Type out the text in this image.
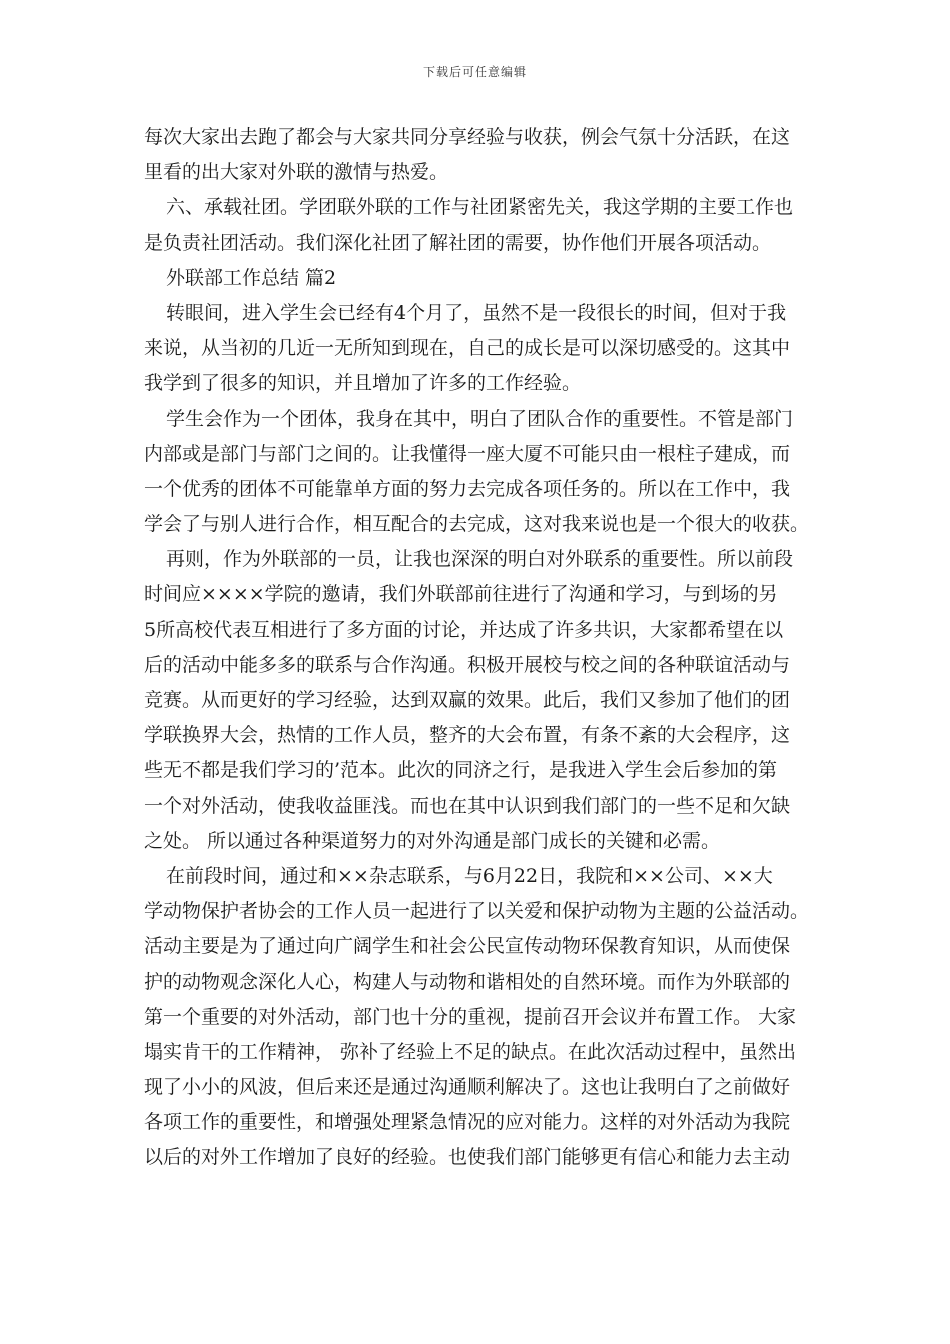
下载后可任意编辑
每次大家出去跑了都会与大家共同分享经验与收获，例会气氛十分活跃，在这
里看的出大家对外联的激情与热爱。
六、承载社团。学团联外联的工作与社团紧密先关，我这学期的主要工作也
是负责社团活动。我们深化社团了解社团的需要，协作他们开展各项活动。
外联部工作总结 篇2
转眼间，进入学生会已经有4个月了，虽然不是一段很长的时间，但对于我
来说，从当初的几近一无所知到现在，自己的成长是可以深切感受的。这其中
我学到了很多的知识，并且增加了许多的工作经验。
学生会作为一个团体，我身在其中，明白了团队合作的重要性。不管是部门
内部或是部门与部门之间的。让我懂得一座大厦不可能只由一根柱子建成，而
一个优秀的团体不可能靠单方面的努力去完成各项任务的。所以在工作中，我
学会了与别人进行合作，相互配合的去完成，这对我来说也是一个很大的收获。
再则，作为外联部的一员，让我也深深的明白对外联系的重要性。所以前段
时间应××××学院的邀请，我们外联部前往进行了沟通和学习，与到场的另
5所高校代表互相进行了多方面的讨论，并达成了许多共识，大家都希望在以
后的活动中能多多的联系与合作沟通。积极开展校与校之间的各种联谊活动与
竞赛。从而更好的学习经验，达到双赢的效果。此后，我们又参加了他们的团
学联换界大会，热情的工作人员，整齐的大会布置，有条不紊的大会程序，这
些无不都是我们学习的’范本。此次的同济之行，是我进入学生会后参加的第
一个对外活动，使我收益匪浅。而也在其中认识到我们部门的一些不足和欠缺
之处。 所以通过各种渠道努力的对外沟通是部门成长的关键和必需。
在前段时间，通过和××杂志联系，与6月22日，我院和××公司、××大
学动物保护者协会的工作人员一起进行了以关爱和保护动物为主题的公益活动。
活动主要是为了通过向广阔学生和社会公民宣传动物环保教育知识，从而使保
护的动物观念深化人心，构建人与动物和谐相处的自然环境。而作为外联部的
第一个重要的对外活动，部门也十分的重视，提前召开会议并布置工作。 大家
塌实肯干的工作精神， 弥补了经验上不足的缺点。在此次活动过程中，虽然出
现了小小的风波，但后来还是通过沟通顺利解决了。这也让我明白了之前做好
各项工作的重要性，和增强处理紧急情况的应对能力。这样的对外活动为我院
以后的对外工作增加了良好的经验。也使我们部门能够更有信心和能力去主动
